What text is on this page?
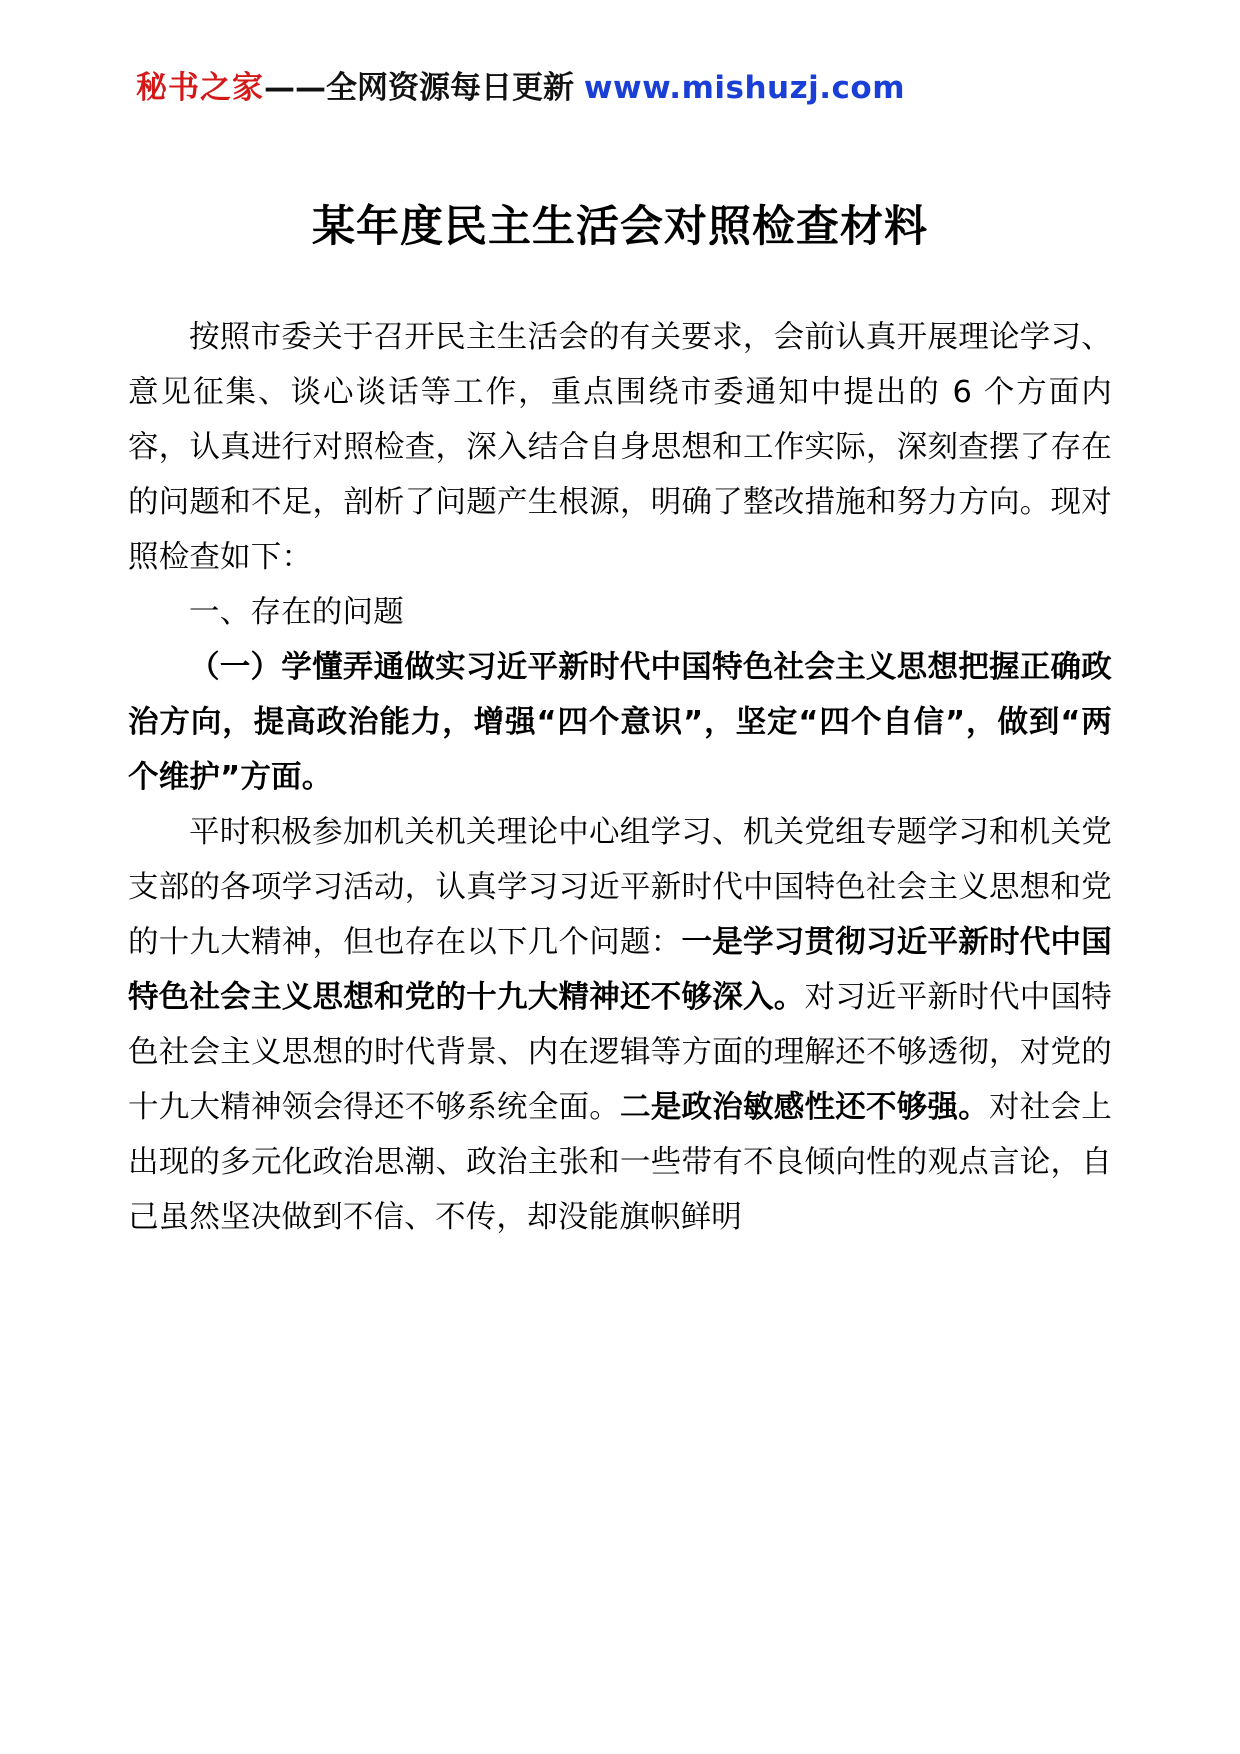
秘书之家——全网资源每日更新 www.mishuzj.com
某年度民主生活会对照检查材料

按照市委关于召开民主生活会的有关要求，会前认真开展理论学习、意见征集、谈心谈话等工作，重点围绕市委通知中提出的 6 个方面内容，认真进行对照检查，深入结合自身思想和工作实际，深刻查摆了存在的问题和不足，剖析了问题产生根源，明确了整改措施和努力方向。现对照检查如下：

一、存在的问题

（一）学懂弄通做实习近平新时代中国特色社会主义思想把握正确政治方向，提高政治能力，增强“四个意识”，坚定“四个自信”，做到“两个维护”方面。

平时积极参加机关机关理论中心组学习、机关党组专题学习和机关党支部的各项学习活动，认真学习习近平新时代中国特色社会主义思想和党的十九大精神，但也存在以下几个问题：一是学习贯彻习近平新时代中国特色社会主义思想和党的十九大精神还不够深入。对习近平新时代中国特色社会主义思想的时代背景、内在逻辑等方面的理解还不够透彻，对党的十九大精神领会得还不够系统全面。二是政治敏感性还不够强。对社会上出现的多元化政治思潮、政治主张和一些带有不良倾向性的观点言论，自己虽然坚决做到不信、不传，却没能旗帜鲜明
